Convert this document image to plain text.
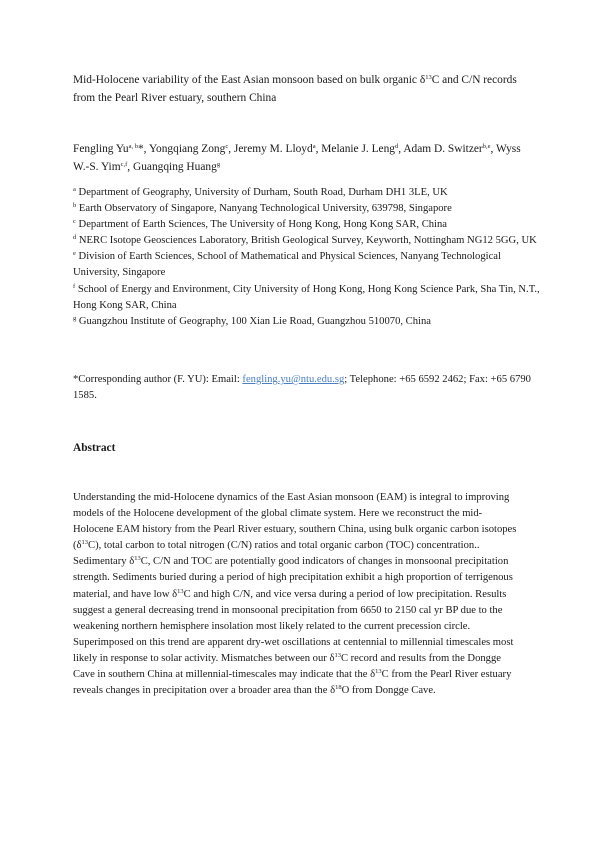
Mid-Holocene variability of the East Asian monsoon based on bulk organic $\delta^{13}C$ and C/N records from the Pearl River estuary, southern China
Fengling Yu$^{a, b}$*, Yongqiang Zong$^c$, Jeremy M. Lloyd$^a$, Melanie J. Leng$^d$, Adam D. Switzer$^{b,e}$, Wyss W.-S. Yim$^{c,f}$, Guangqing Huang$^g$
$^a$ Department of Geography, University of Durham, South Road, Durham DH1 3LE, UK
$^b$ Earth Observatory of Singapore, Nanyang Technological University, 639798, Singapore
$^c$ Department of Earth Sciences, The University of Hong Kong, Hong Kong SAR, China
$^d$ NERC Isotope Geosciences Laboratory, British Geological Survey, Keyworth, Nottingham NG12 5GG, UK
$^e$ Division of Earth Sciences, School of Mathematical and Physical Sciences, Nanyang Technological University, Singapore
$^f$ School of Energy and Environment, City University of Hong Kong, Hong Kong Science Park, Sha Tin, N.T., Hong Kong SAR, China
$^g$ Guangzhou Institute of Geography, 100 Xian Lie Road, Guangzhou 510070, China
*Corresponding author (F. YU): Email: fengling.yu@ntu.edu.sg; Telephone: +65 6592 2462; Fax: +65 6790 1585.
Abstract
Understanding the mid-Holocene dynamics of the East Asian monsoon (EAM) is integral to improving models of the Holocene development of the global climate system. Here we reconstruct the mid-Holocene EAM history from the Pearl River estuary, southern China, using bulk organic carbon isotopes $(\delta^{13}C)$, total carbon to total nitrogen (C/N) ratios and total organic carbon (TOC) concentration.. Sedimentary $\delta^{13}C$, C/N and TOC are potentially good indicators of changes in monsoonal precipitation strength. Sediments buried during a period of high precipitation exhibit a high proportion of terrigenous material, and have low $\delta^{13}C$ and high C/N, and vice versa during a period of low precipitation. Results suggest a general decreasing trend in monsoonal precipitation from 6650 to 2150 cal yr BP due to the weakening northern hemisphere insolation most likely related to the current precession circle. Superimposed on this trend are apparent dry-wet oscillations at centennial to millennial timescales most likely in response to solar activity. Mismatches between our $\delta^{13}C$ record and results from the Dongge Cave in southern China at millennial-timescales may indicate that the $\delta^{13}C$ from the Pearl River estuary reveals changes in precipitation over a broader area than the $\delta^{18}O$ from Dongge Cave.
